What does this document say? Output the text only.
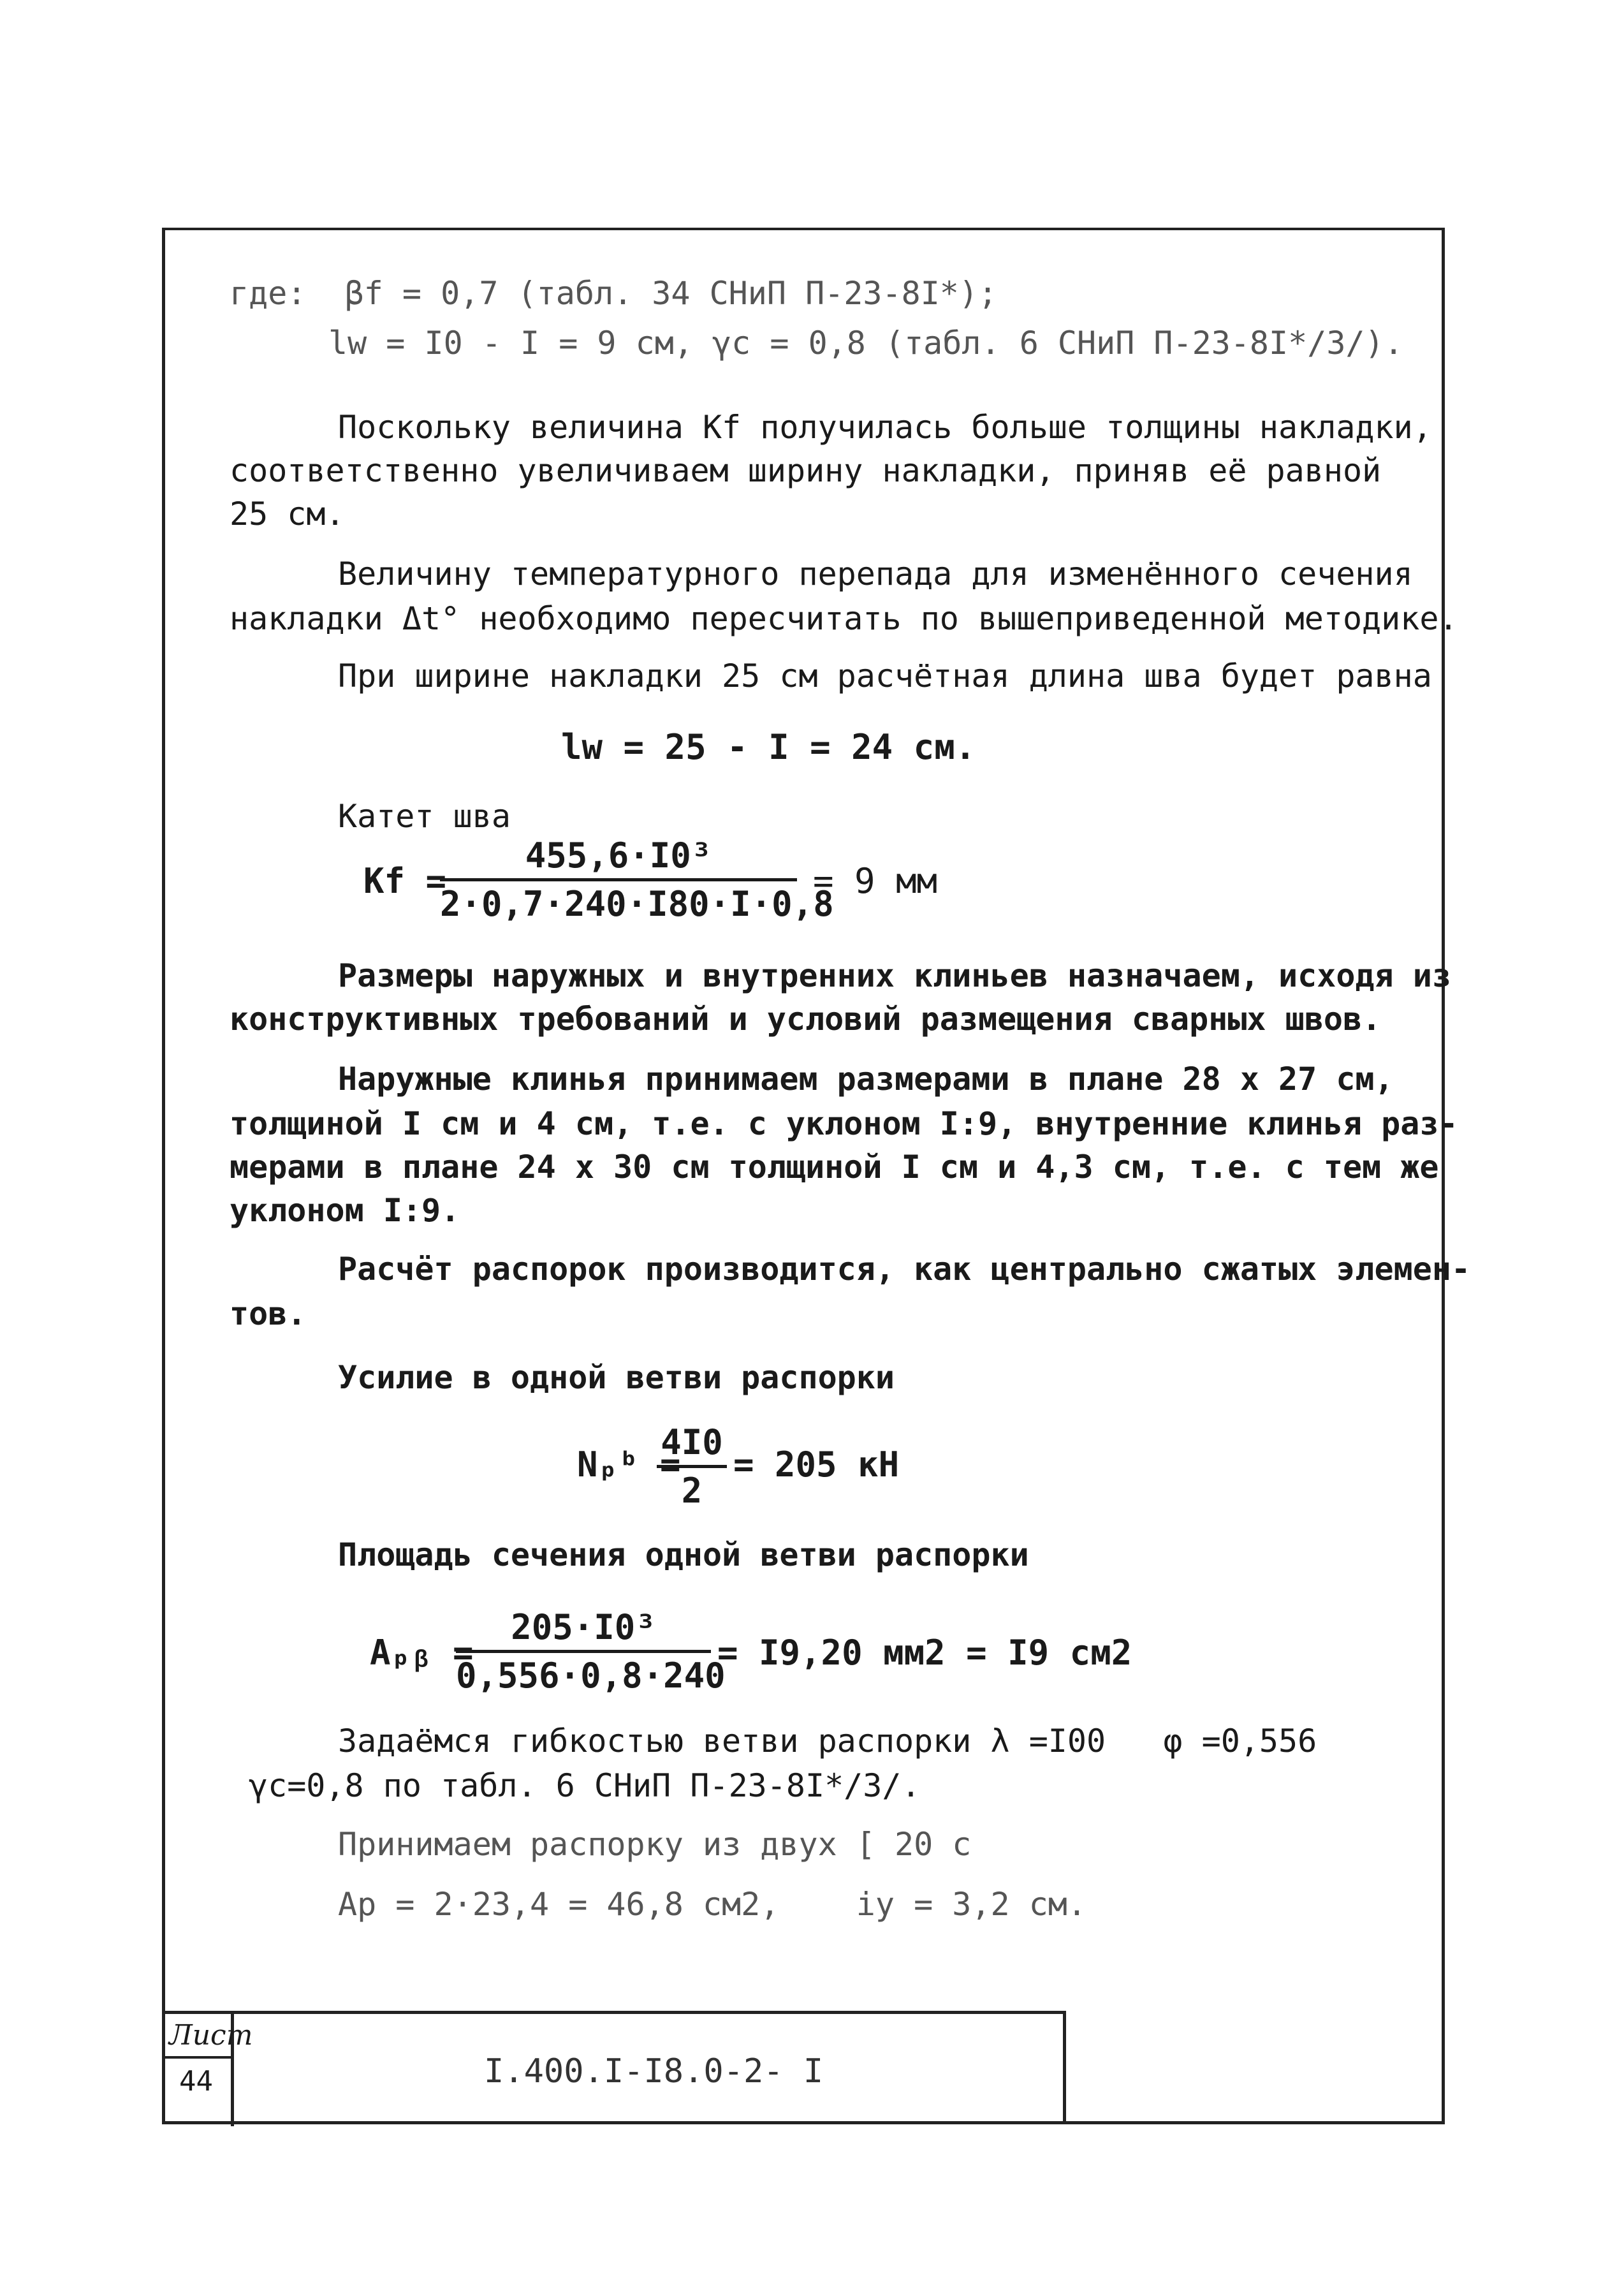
где:  βf = 0,7 (табл. 34 СНиП П-23-8I*);
lw = I0 - I = 9 см, γc = 0,8 (табл. 6 СНиП П-23-8I*/3/).
Поскольку величина Kf получилась больше толщины накладки,
соответственно увеличиваем ширину накладки, приняв её равной
25 см.
Величину температурного перепада для изменённого сечения
накладки Δt° необходимо пересчитать по вышеприведенной методике.
При ширине накладки 25 см расчётная длина шва будет равна
lw = 25 - I = 24 см.
Катет шва
Kf =
$\frac{\text{455,6·I0³}}{2\cdot 0,7\cdot 240\cdot I80\cdot I\cdot 0,8} = 9$ мм
Размеры наружных и внутренних клиньев назначаем, исходя из
конструктивных требований и условий размещения сварных швов.
Наружные клинья принимаем размерами в плане 28 x 27 см,
толщиной I см и 4 см, т.е. с уклоном I:9, внутренние клинья раз-
мерами в плане 24 x 30 см толщиной I см и 4,3 см, т.е. с тем же
уклоном I:9.
Расчёт распорок производится, как центрально сжатых элемен-
тов.
Усилие в одной ветви распорки
Nₚᵇ =
$\frac{4I0}{2} = 205$ кН
Площадь сечения одной ветви распорки
Aₚᵦ =
$\frac{\text{205·I0³}}{0,556\cdot 0,8\cdot 240} = I9,20$ мм2 = I9 см2
Задаёмся гибкостью ветви распорки λ =I00   φ =0,556
γc=0,8 по табл. 6 СНиП П-23-8I*/3/.
Принимаем распорку из двух [ 20 с
Ap = 2·23,4 = 46,8 см2,    iy = 3,2 см.
Лист
44	I.400.I-I8.0-2- I
